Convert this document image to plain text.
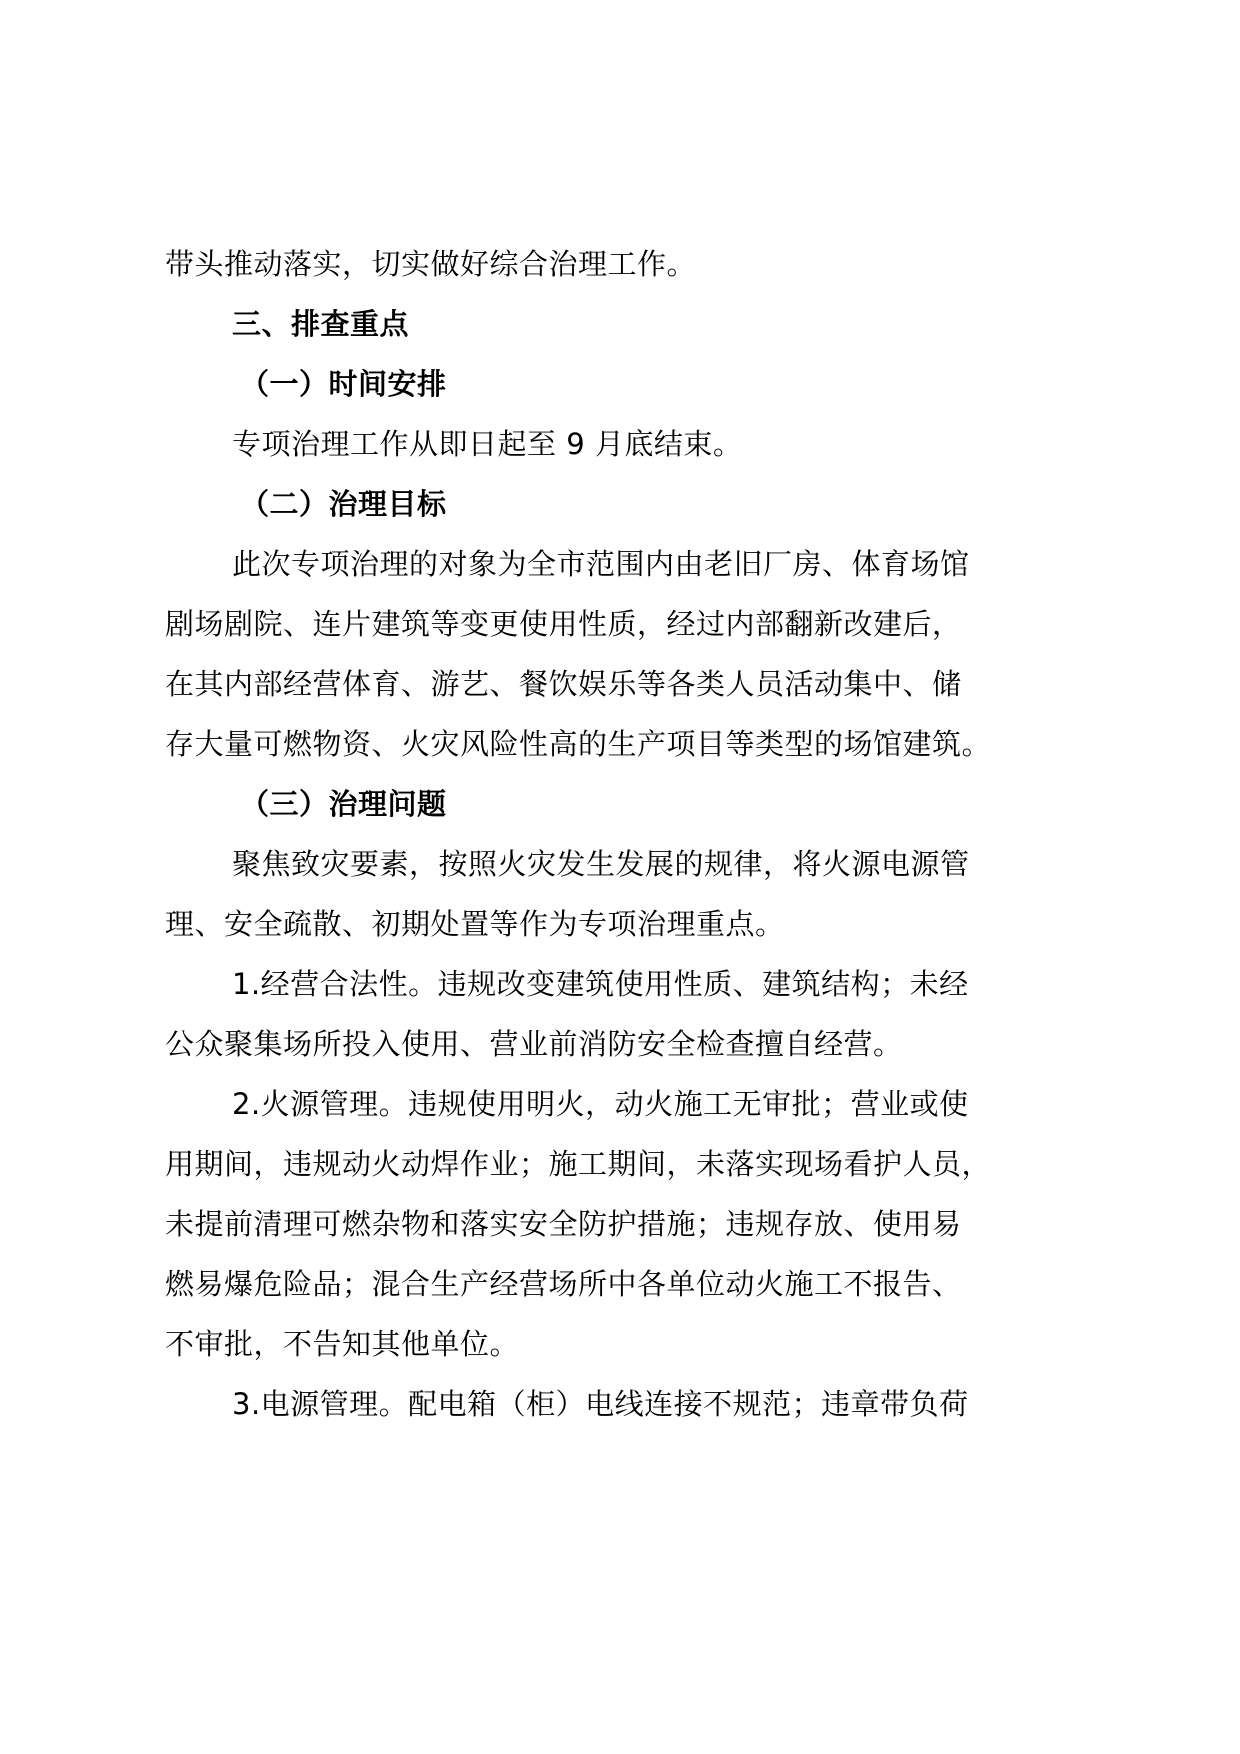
带头推动落实，切实做好综合治理工作。
三、排查重点
（一）时间安排
专项治理工作从即日起至 9 月底结束。
（二）治理目标
此次专项治理的对象为全市范围内由老旧厂房、体育场馆
剧场剧院、连片建筑等变更使用性质，经过内部翻新改建后，
在其内部经营体育、游艺、餐饮娱乐等各类人员活动集中、储
存大量可燃物资、火灾风险性高的生产项目等类型的场馆建筑。
（三）治理问题
聚焦致灾要素，按照火灾发生发展的规律，将火源电源管
理、安全疏散、初期处置等作为专项治理重点。
1.经营合法性。违规改变建筑使用性质、建筑结构；未经
公众聚集场所投入使用、营业前消防安全检查擅自经营。
2.火源管理。违规使用明火，动火施工无审批；营业或使
用期间，违规动火动焊作业；施工期间，未落实现场看护人员，
未提前清理可燃杂物和落实安全防护措施；违规存放、使用易
燃易爆危险品；混合生产经营场所中各单位动火施工不报告、
不审批，不告知其他单位。
3.电源管理。配电箱（柜）电线连接不规范；违章带负荷
